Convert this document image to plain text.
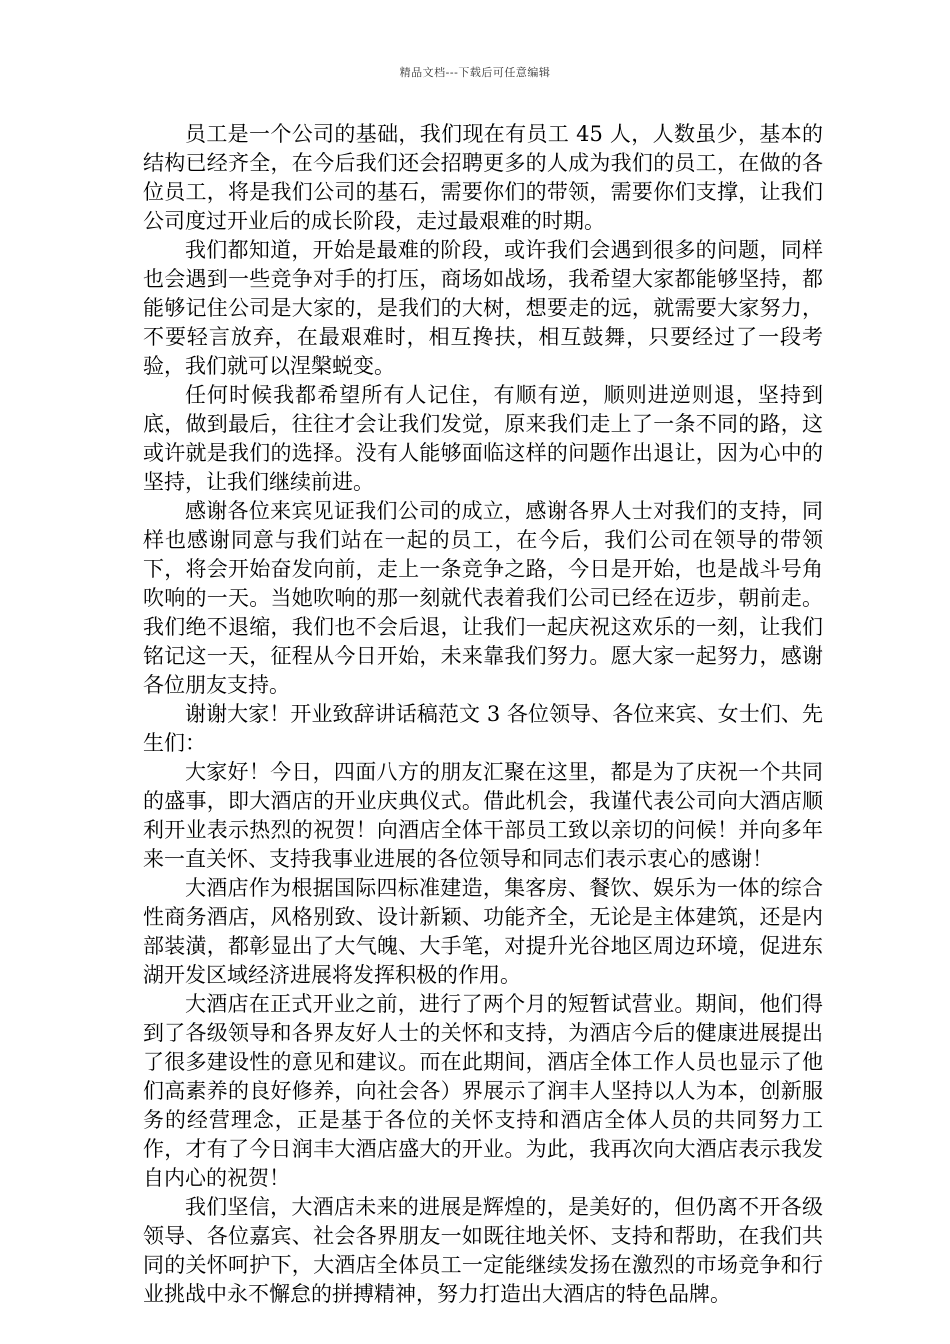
精品文档---下载后可任意编辑

员工是一个公司的基础，我们现在有员工 45 人，人数虽少，基本的结构已经齐全，在今后我们还会招聘更多的人成为我们的员工，在做的各位员工，将是我们公司的基石，需要你们的带领，需要你们支撑，让我们公司度过开业后的成长阶段，走过最艰难的时期。

我们都知道，开始是最难的阶段，或许我们会遇到很多的问题，同样也会遇到一些竞争对手的打压，商场如战场，我希望大家都能够坚持，都能够记住公司是大家的，是我们的大树，想要走的远，就需要大家努力，不要轻言放弃，在最艰难时，相互搀扶，相互鼓舞，只要经过了一段考验，我们就可以涅槃蜕变。

任何时候我都希望所有人记住，有顺有逆，顺则进逆则退，坚持到底，做到最后，往往才会让我们发觉，原来我们走上了一条不同的路，这或许就是我们的选择。没有人能够面临这样的问题作出退让，因为心中的坚持，让我们继续前进。

感谢各位来宾见证我们公司的成立，感谢各界人士对我们的支持，同样也感谢同意与我们站在一起的员工，在今后，我们公司在领导的带领下，将会开始奋发向前，走上一条竞争之路，今日是开始，也是战斗号角吹响的一天。当她吹响的那一刻就代表着我们公司已经在迈步，朝前走。我们绝不退缩，我们也不会后退，让我们一起庆祝这欢乐的一刻，让我们铭记这一天，征程从今日开始，未来靠我们努力。愿大家一起努力，感谢各位朋友支持。

谢谢大家！开业致辞讲话稿范文 3 各位领导、各位来宾、女士们、先生们：

大家好！今日，四面八方的朋友汇聚在这里，都是为了庆祝一个共同的盛事，即大酒店的开业庆典仪式。借此机会，我谨代表公司向大酒店顺利开业表示热烈的祝贺！向酒店全体干部员工致以亲切的问候！并向多年来一直关怀、支持我事业进展的各位领导和同志们表示衷心的感谢！

大酒店作为根据国际四标准建造，集客房、餐饮、娱乐为一体的综合性商务酒店，风格别致、设计新颖、功能齐全，无论是主体建筑，还是内部装潢，都彰显出了大气魄、大手笔，对提升光谷地区周边环境，促进东湖开发区域经济进展将发挥积极的作用。

大酒店在正式开业之前，进行了两个月的短暂试营业。期间，他们得到了各级领导和各界友好人士的关怀和支持，为酒店今后的健康进展提出了很多建设性的意见和建议。而在此期间，酒店全体工作人员也显示了他们高素养的良好修养，向社会各）界展示了润丰人坚持以人为本，创新服务的经营理念，正是基于各位的关怀支持和酒店全体人员的共同努力工作，才有了今日润丰大酒店盛大的开业。为此，我再次向大酒店表示我发自内心的祝贺！

我们坚信，大酒店未来的进展是辉煌的，是美好的，但仍离不开各级领导、各位嘉宾、社会各界朋友一如既往地关怀、支持和帮助，在我们共同的关怀呵护下，大酒店全体员工一定能继续发扬在激烈的市场竞争和行业挑战中永不懈怠的拼搏精神，努力打造出大酒店的特色品牌。
